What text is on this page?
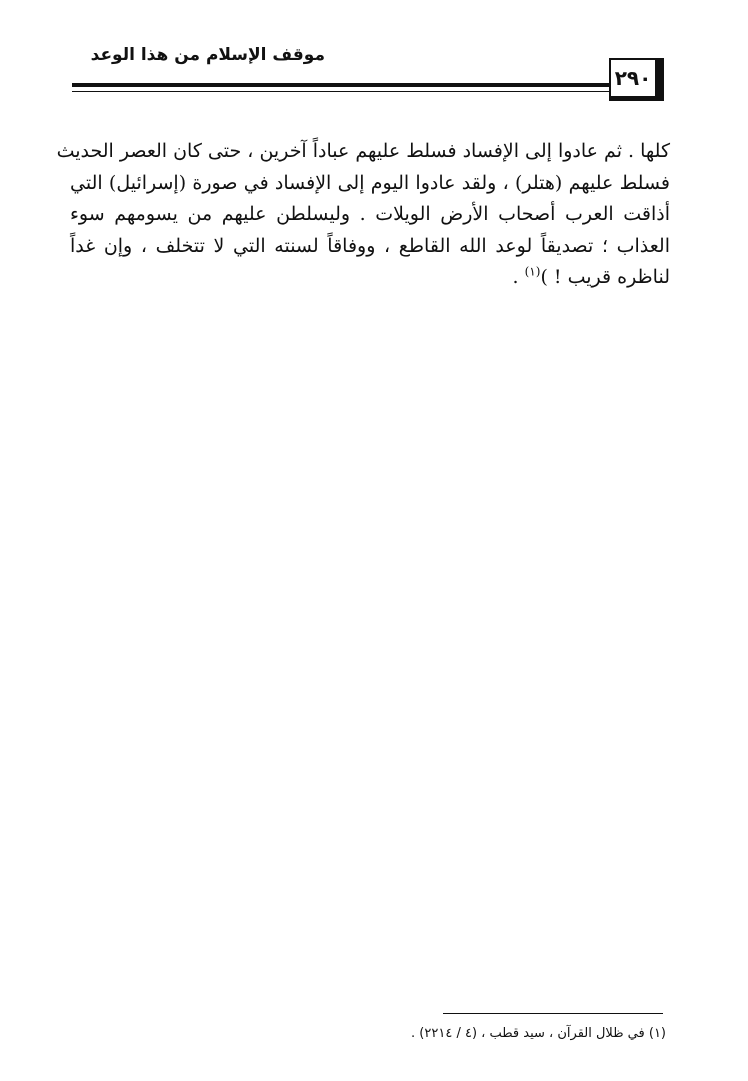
موقف الإسلام من هذا الوعد
٢٩٠
كلها . ثم عادوا إلى الإفساد فسلط عليهم عباداً آخرين ، حتى كان العصر الحديث
فسلط عليهم (هتلر) ، ولقد عادوا اليوم إلى الإفساد في صورة (إسرائيل) التي
أذاقت العرب أصحاب الأرض الويلات . وليسلطن عليهم من يسومهم سوء
العذاب ؛ تصديقاً لوعد الله القاطع ، ووفاقاً لسنته التي لا تتخلف ، وإن غداً
لناظره قريب ! )$^{(١)}$ .
(١) في ظلال القرآن ، سيد قطب ، (٤ / ٢٢١٤) .
